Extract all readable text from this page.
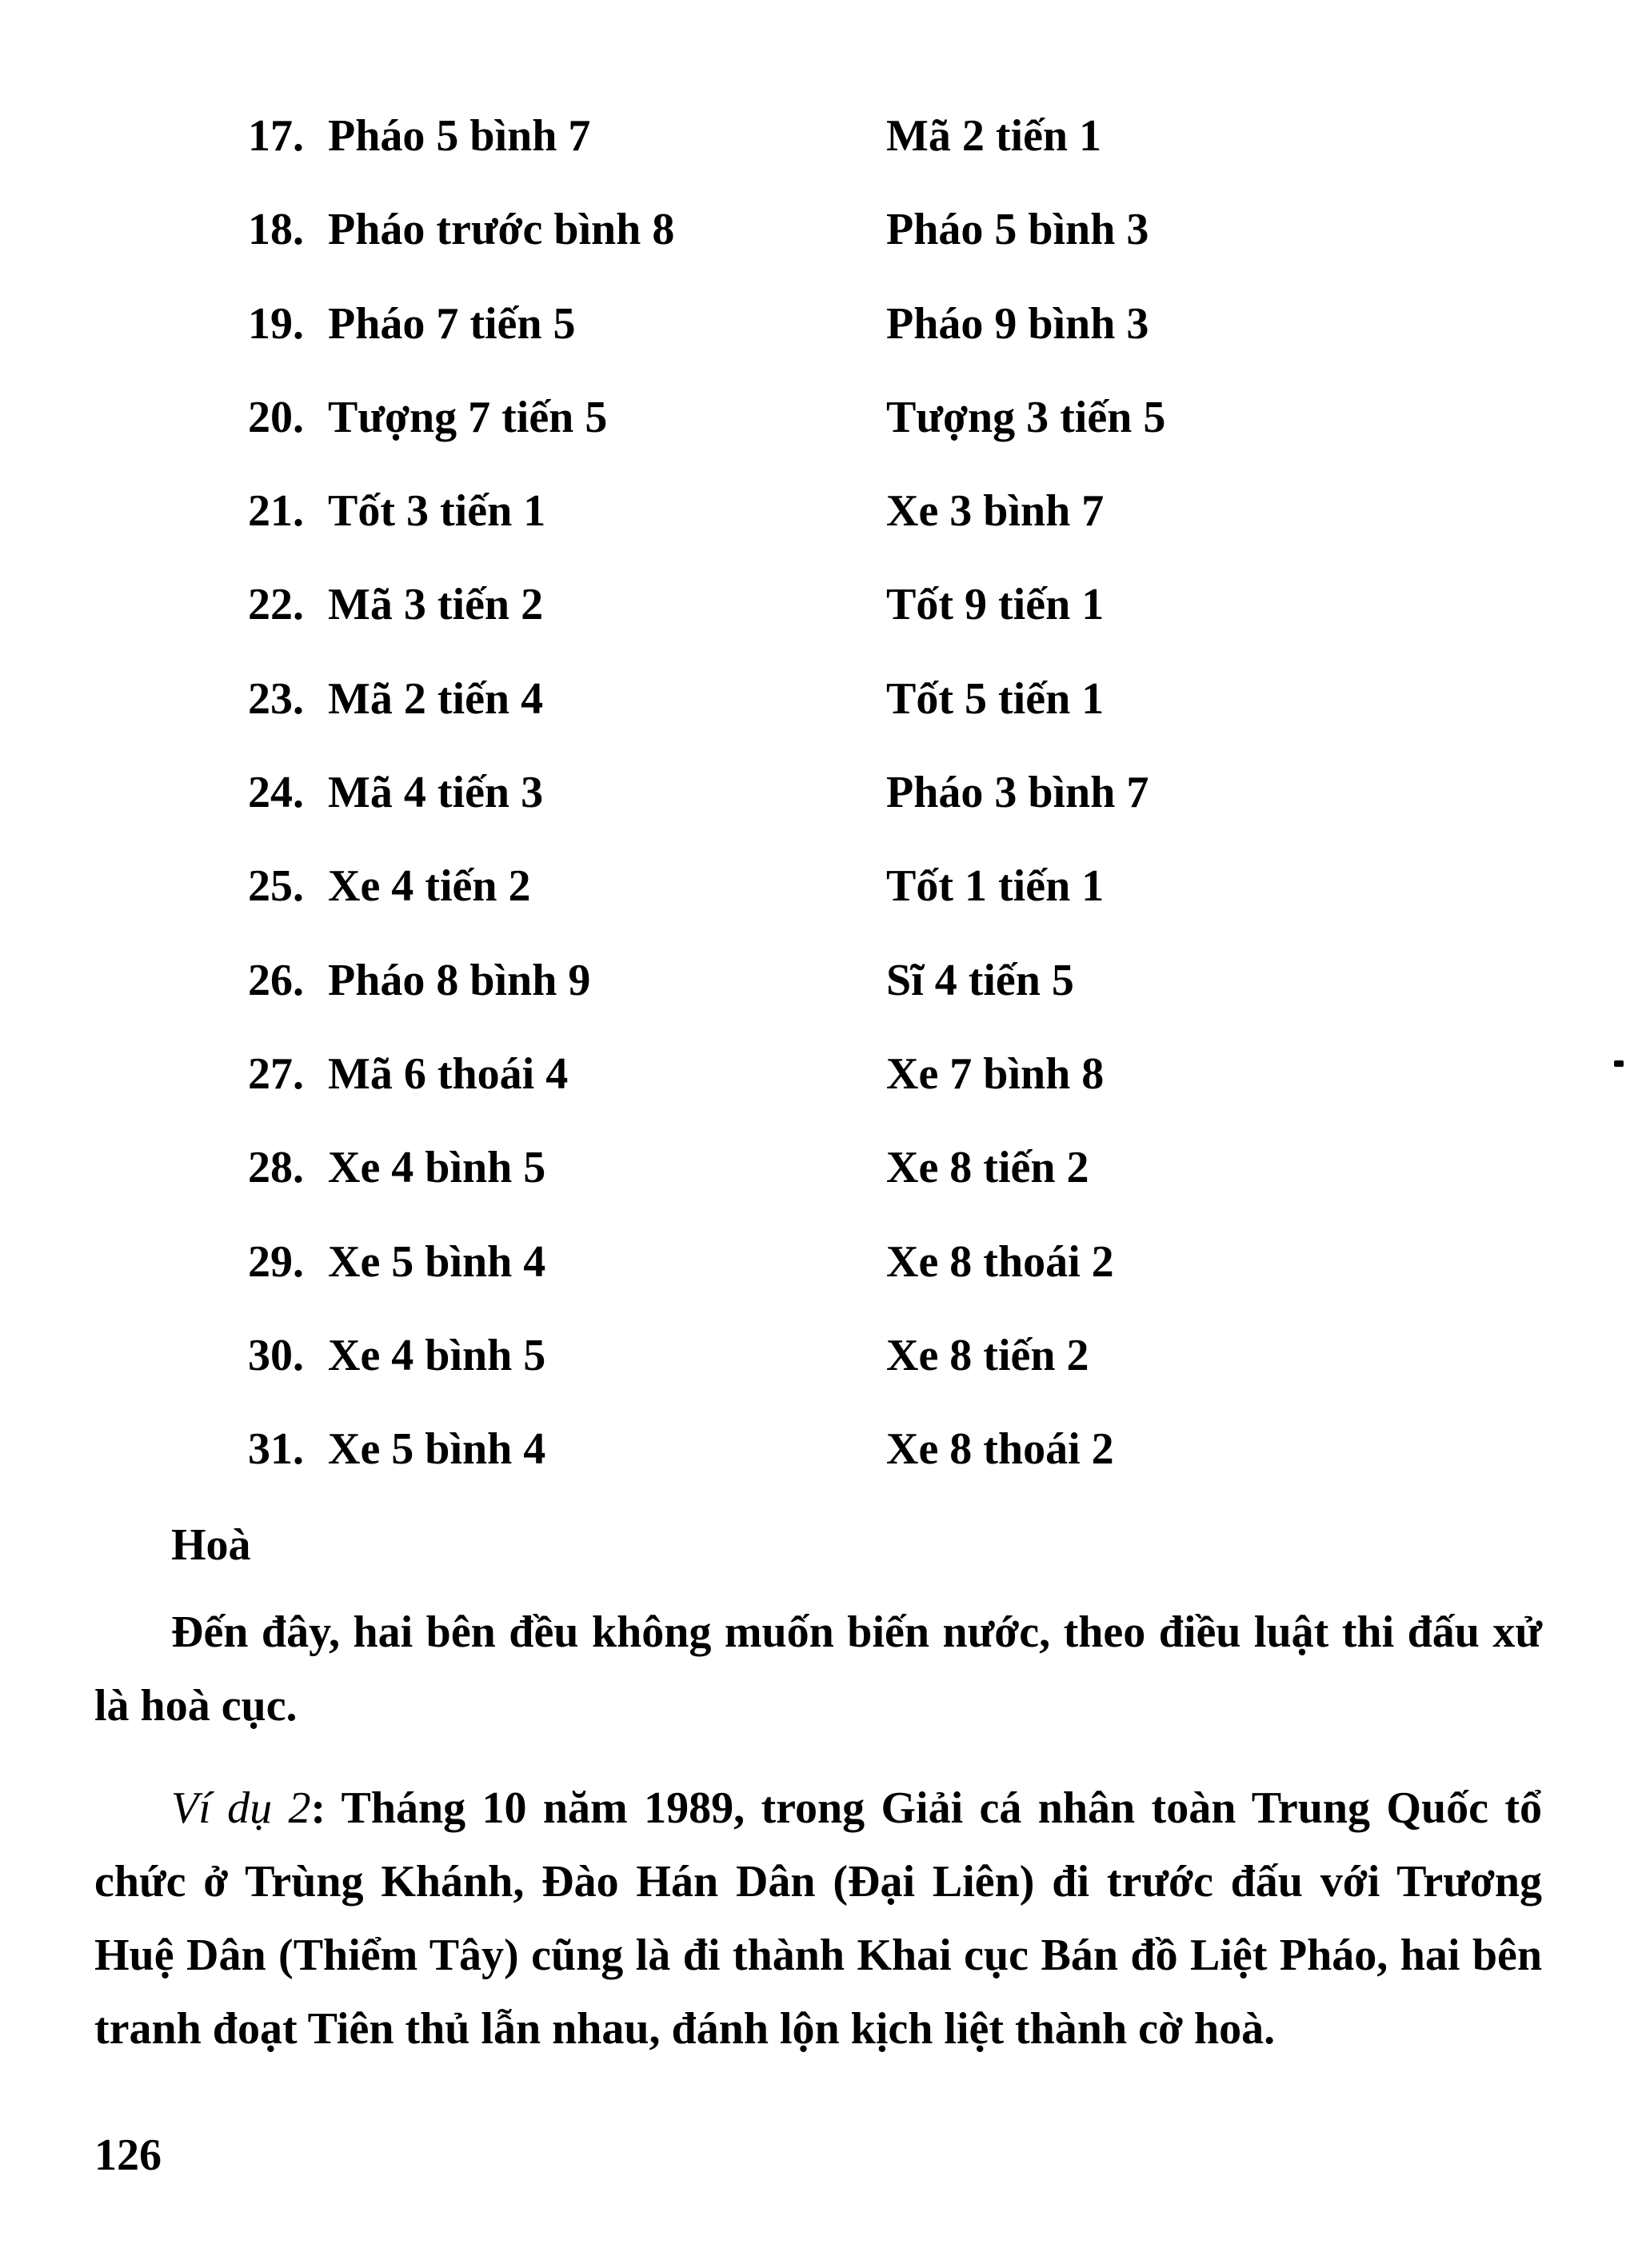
17. Pháo 5 bình 7	Mã 2 tiến 1
18. Pháo trước bình 8	Pháo 5 bình 3
19. Pháo 7 tiến 5	Pháo 9 bình 3
20. Tượng 7 tiến 5	Tượng 3 tiến 5
21. Tốt 3 tiến 1	Xe 3 bình 7
22. Mã 3 tiến 2	Tốt 9 tiến 1
23. Mã 2 tiến 4	Tốt 5 tiến 1
24. Mã 4 tiến 3	Pháo 3 bình 7
25. Xe 4 tiến 2	Tốt 1 tiến 1
26. Pháo 8 bình 9	Sĩ 4 tiến 5
27. Mã 6 thoái 4	Xe 7 bình 8
28. Xe 4 bình 5	Xe 8 tiến 2
29. Xe 5 bình 4	Xe 8 thoái 2
30. Xe 4 bình 5	Xe 8 tiến 2
31. Xe 5 bình 4	Xe 8 thoái 2
Hoà

Đến đây, hai bên đều không muốn biến nước, theo điều luật thi đấu xử là hoà cục.

Ví dụ 2: Tháng 10 năm 1989, trong Giải cá nhân toàn Trung Quốc tổ chức ở Trùng Khánh, Đào Hán Dân (Đại Liên) đi trước đấu với Trương Huệ Dân (Thiểm Tây) cũng là đi thành Khai cục Bán đồ Liệt Pháo, hai bên tranh đoạt Tiên thủ lẫn nhau, đánh lộn kịch liệt thành cờ hoà.

126
